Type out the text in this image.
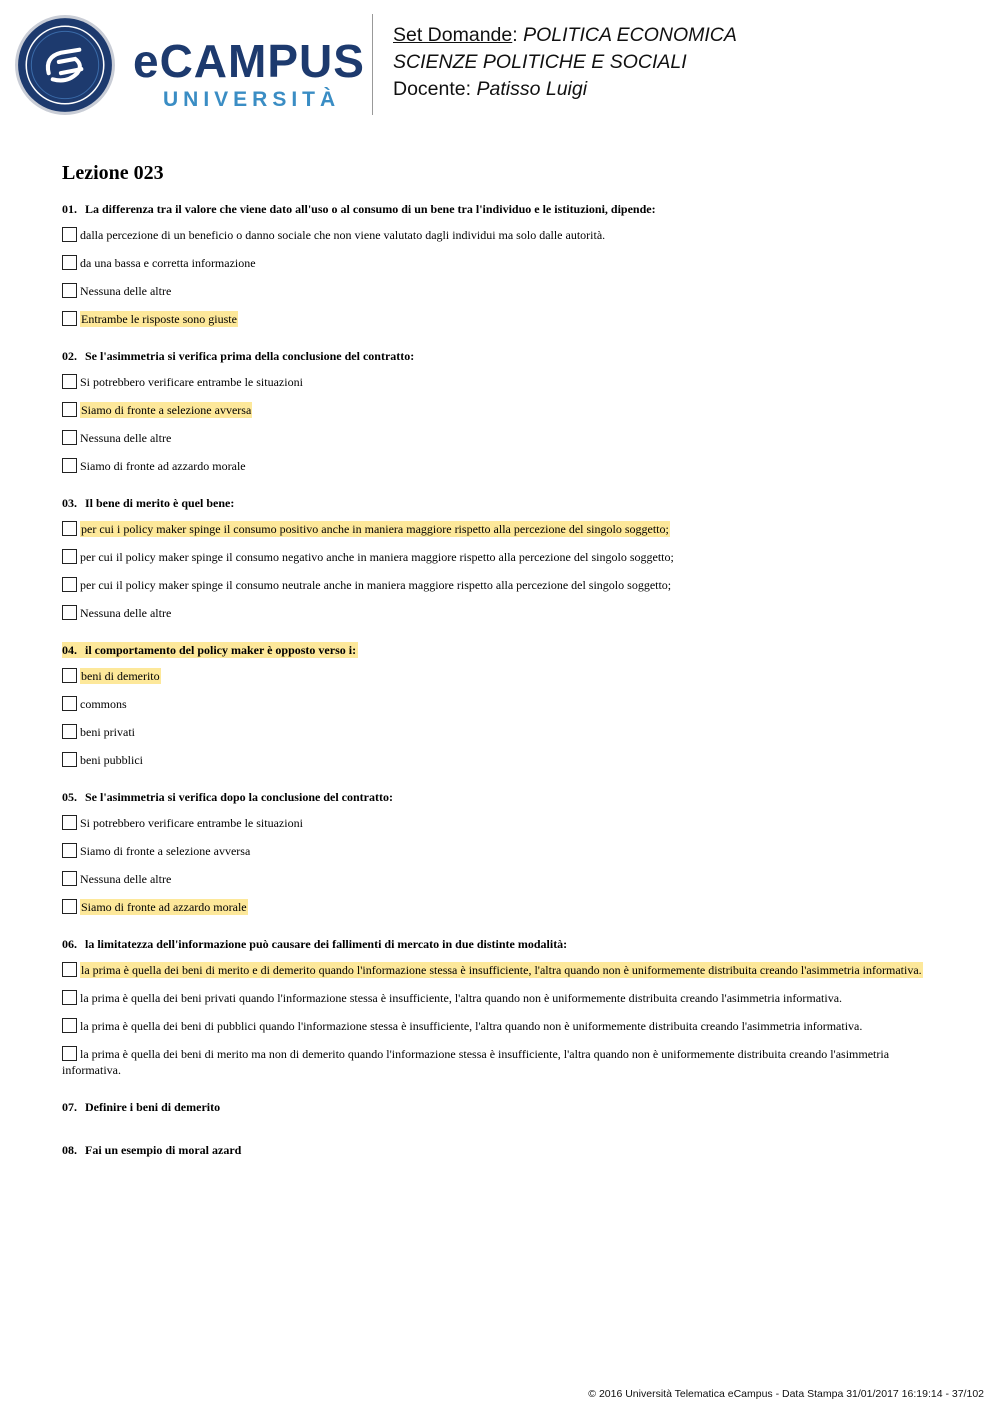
eCAMPUS
UNIVERSITÀ
Set Domande: POLITICA ECONOMICA
SCIENZE POLITICHE E SOCIALI
Docente: Patisso Luigi
Lezione 023
01. La differenza tra il valore che viene dato all'uso o al consumo di un bene tra l'individuo e le istituzioni, dipende:
dalla percezione di un beneficio o danno sociale che non viene valutato dagli individui ma solo dalle autorità.
da una bassa e corretta informazione
Nessuna delle altre
Entrambe le risposte sono giuste
02. Se l'asimmetria si verifica prima della conclusione del contratto:
Si potrebbero verificare entrambe le situazioni
Siamo di fronte a selezione avversa
Nessuna delle altre
Siamo di fronte ad azzardo morale
03. Il bene di merito è quel bene:
per cui i policy maker spinge il consumo positivo anche in maniera maggiore rispetto alla percezione del singolo soggetto;
per cui il policy maker spinge il consumo negativo anche in maniera maggiore rispetto alla percezione del singolo soggetto;
per cui il policy maker spinge il consumo neutrale anche in maniera maggiore rispetto alla percezione del singolo soggetto;
Nessuna delle altre
04. il comportamento del policy maker è opposto verso i:
beni di demerito
commons
beni privati
beni pubblici
05. Se l'asimmetria si verifica dopo la conclusione del contratto:
Si potrebbero verificare entrambe le situazioni
Siamo di fronte a selezione avversa
Nessuna delle altre
Siamo di fronte ad azzardo morale
06. la limitatezza dell'informazione può causare dei fallimenti di mercato in due distinte modalità:
la prima è quella dei beni di merito e di demerito quando l'informazione stessa è insufficiente, l'altra quando non è uniformemente distribuita creando l'asimmetria informativa.
la prima è quella dei beni privati quando l'informazione stessa è insufficiente, l'altra quando non è uniformemente distribuita creando l'asimmetria informativa.
la prima è quella dei beni di pubblici quando l'informazione stessa è insufficiente, l'altra quando non è uniformemente distribuita creando l'asimmetria informativa.
la prima è quella dei beni di merito ma non di demerito quando l'informazione stessa è insufficiente, l'altra quando non è uniformemente distribuita creando l'asimmetria informativa.
07. Definire i beni di demerito
08. Fai un esempio di moral azard
© 2016 Università Telematica eCampus - Data Stampa 31/01/2017 16:19:14 - 37/102
